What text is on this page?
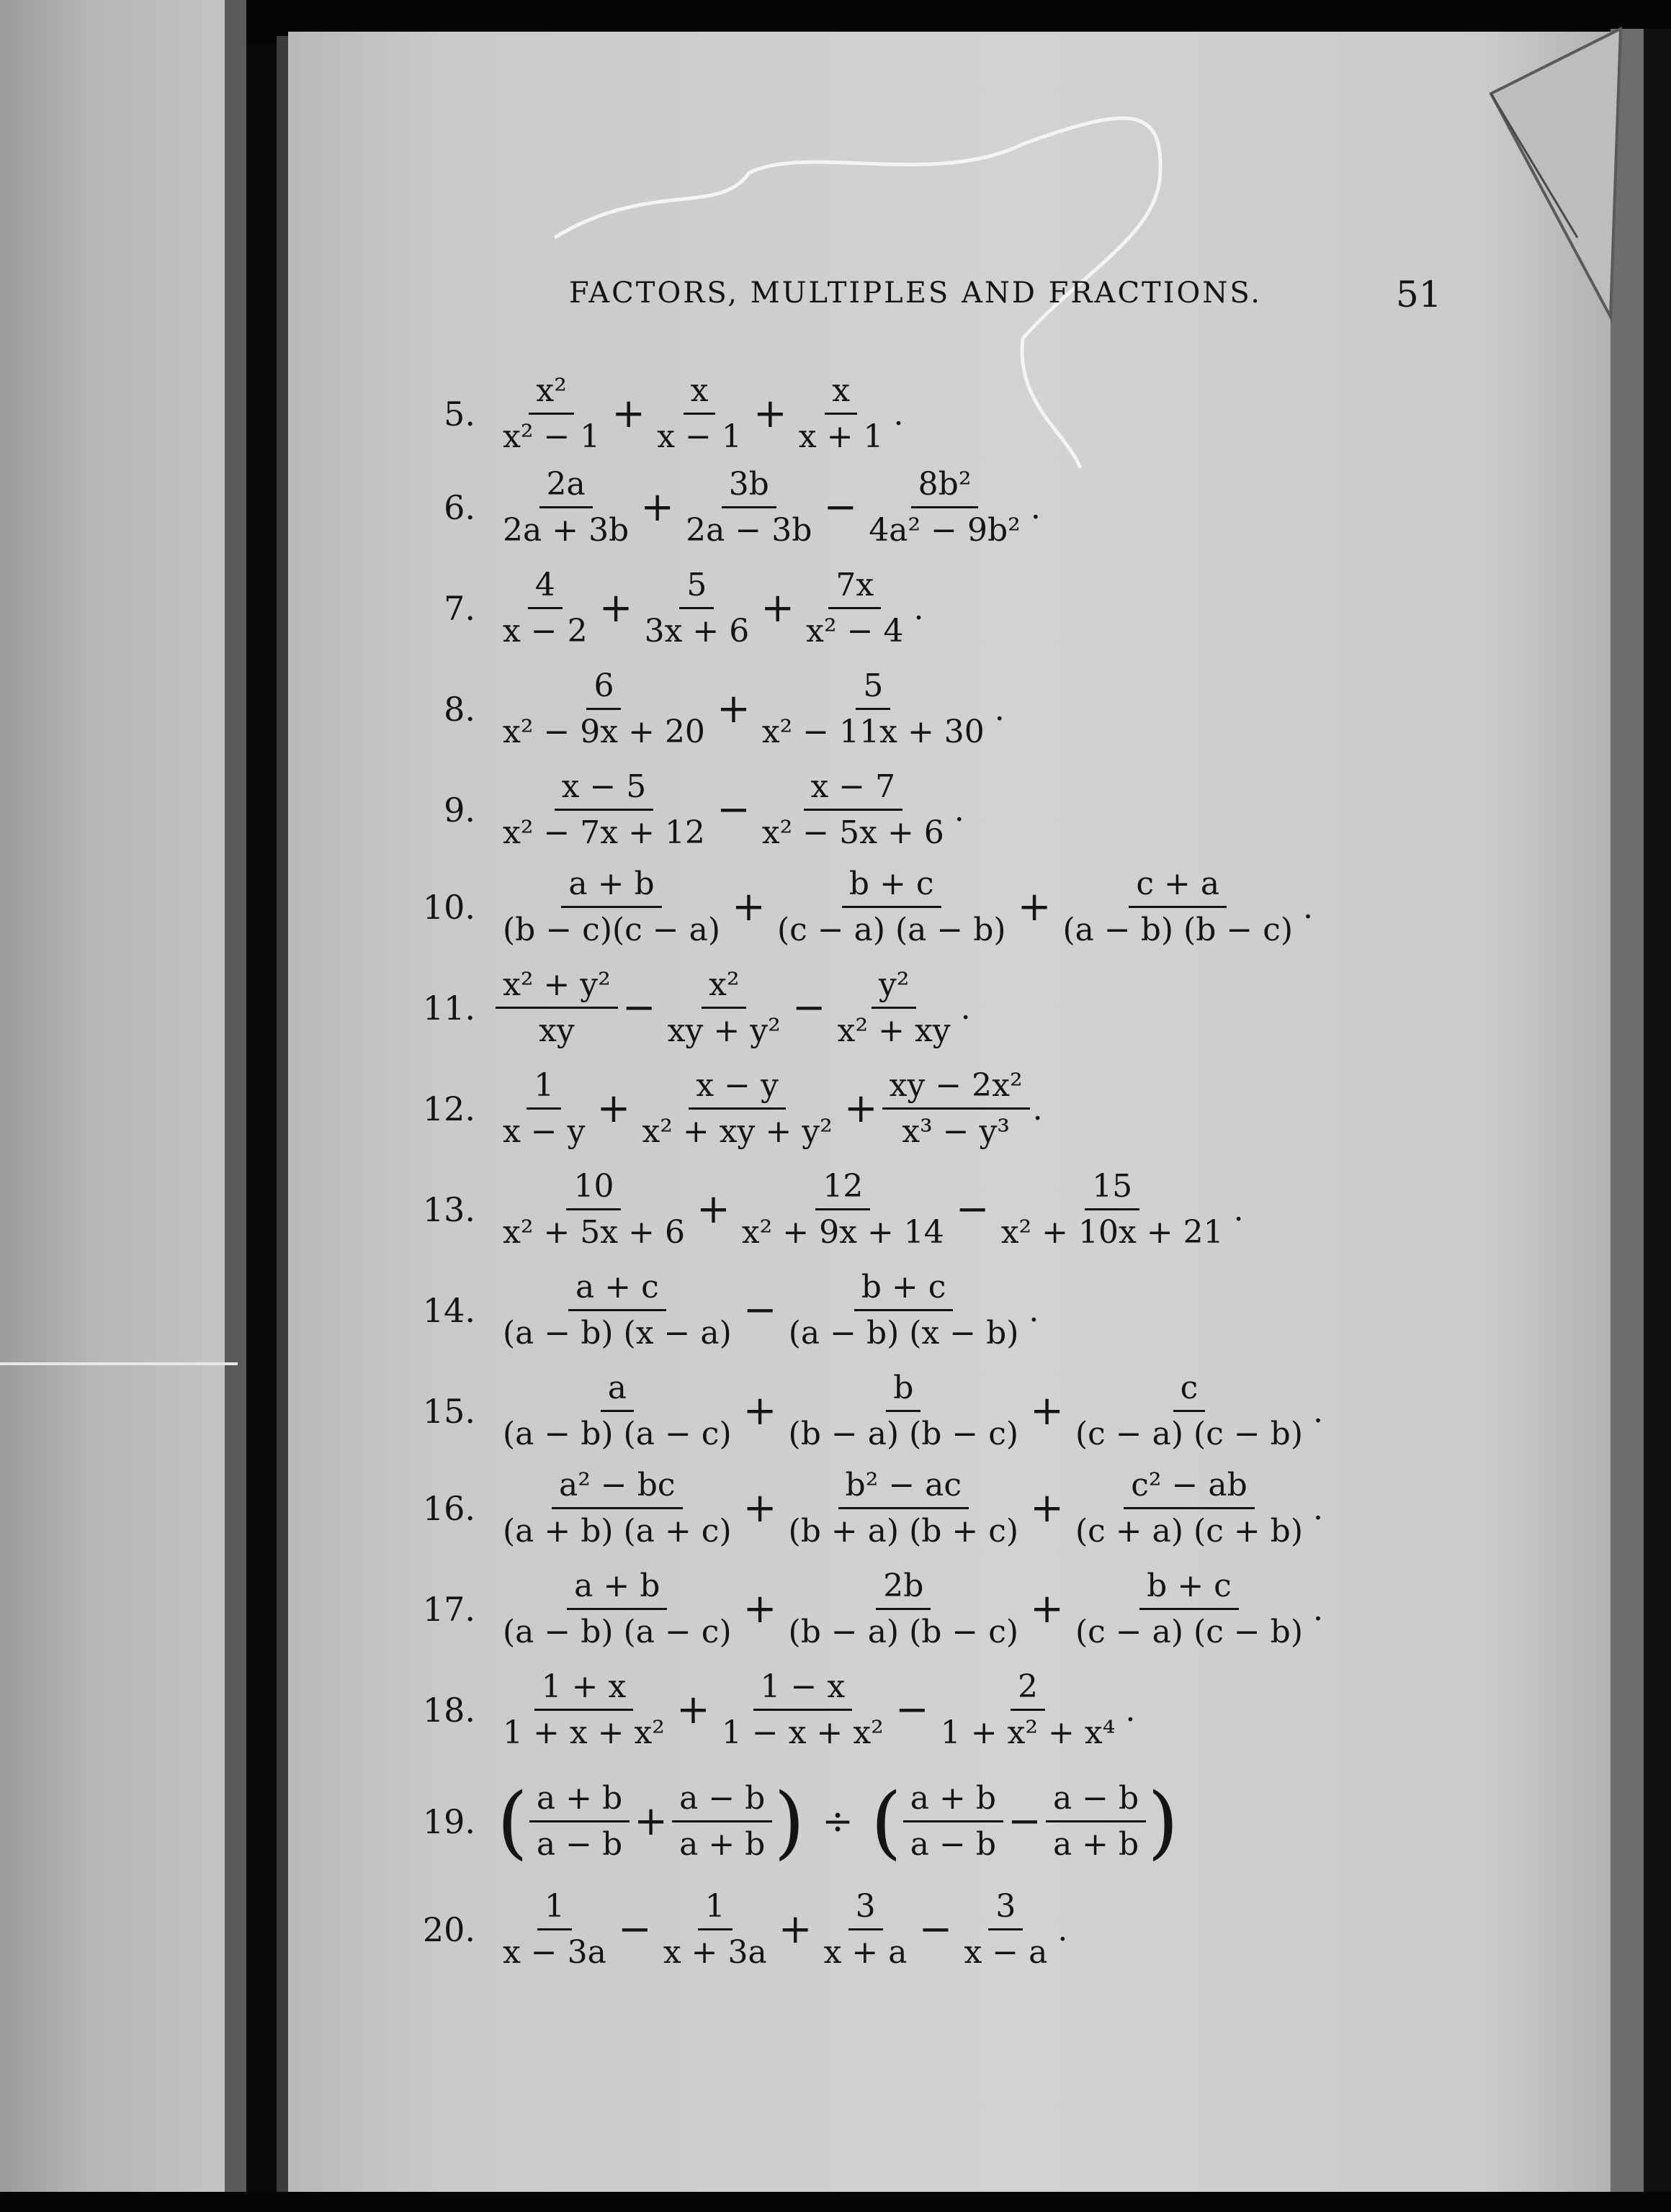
FACTORS, MULTIPLES AND FRACTIONS.	51
5. $\frac{\text{x²}}{\text{x² − 1}} + \frac{x}{x - 1} + \frac{x}{x + 1}$ .
6. $\frac{2a}{2a + 3b} + \frac{3b}{2a - 3b} - \frac{\text{8b²}}{\text{4a² − 9b²}}$ .
7. $\frac{4}{x - 2} + \frac{5}{3x + 6} + \frac{7x}{\text{x² − 4}}$ .
8. $\frac{6}{\text{x² − 9x + 20}} + \frac{5}{\text{x² − 11x + 30}}$ .
9. $\frac{x - 5}{\text{x² − 7x + 12}} - \frac{x - 7}{\text{x² − 5x + 6}}$ .
10. $\frac{a + b}{(b - c)(c - a)} + \frac{b + c}{(c - a) (a - b)} + \frac{c + a}{(a - b) (b - c)}$ .
11. $\frac{\text{x² + y²}}{xy} - \frac{\text{x²}}{\text{xy + y²}} - \frac{\text{y²}}{\text{x² + xy}}$ .
12. $\frac{1}{x - y} + \frac{x - y}{\text{x² + xy + y²}} + \frac{\text{xy − 2x²}}{\text{x³ − y³}}$ .
13. $\frac{10}{\text{x² + 5x + 6}} + \frac{12}{\text{x² + 9x + 14}} - \frac{15}{\text{x² + 10x + 21}}$ .
14. $\frac{a + c}{(a - b) (x - a)} - \frac{b + c}{(a - b) (x - b)}$ .
15. $\frac{a}{(a - b) (a - c)} + \frac{b}{(b - a) (b - c)} + \frac{c}{(c - a) (c - b)}$ .
16. $\frac{\text{a² − bc}}{(a + b) (a + c)} + \frac{\text{b² − ac}}{(b + a) (b + c)} + \frac{\text{c² − ab}}{(c + a) (c + b)}$ .
17. $\frac{a + b}{(a - b) (a - c)} + \frac{2b}{(b - a) (b - c)} + \frac{b + c}{(c - a) (c - b)}$ .
18. $\frac{1 + x}{\text{1 + x + x²}} + \frac{1 - x}{\text{1 − x + x²}} - \frac{2}{\text{1 + x² + x⁴}}$ .
19. ( $\frac{a + b}{a - b} + \frac{a - b}{a + b}$ ) ÷ ( $\frac{a + b}{a - b} - \frac{a - b}{a + b}$ )
20. $\frac{1}{x - 3a} - \frac{1}{x + 3a} + \frac{3}{x + a} - \frac{3}{x - a}$ .
